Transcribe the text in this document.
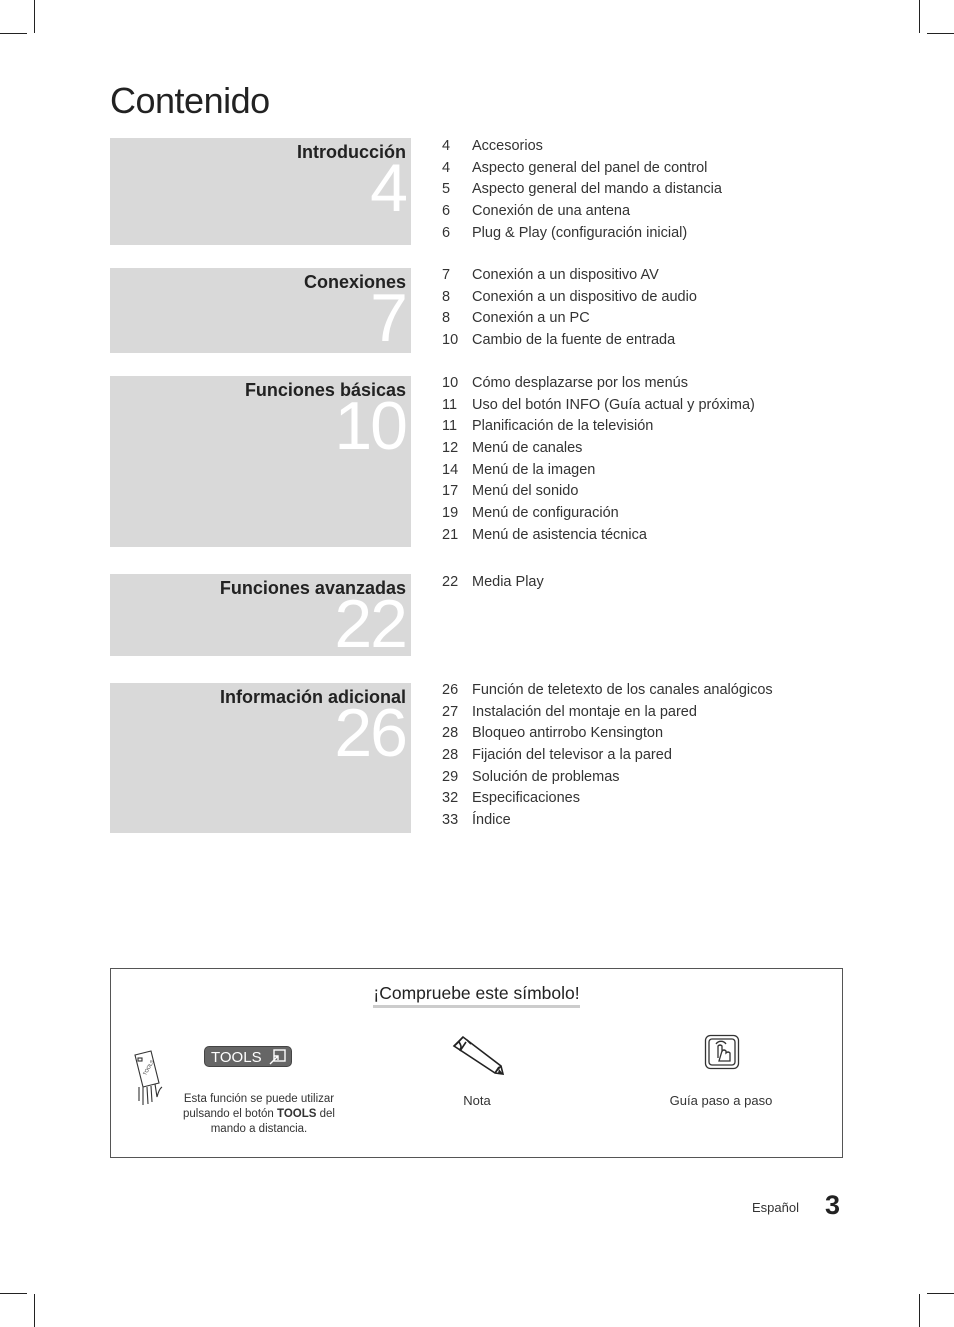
Contenido
Introducción
4
4 Accesorios
4 Aspecto general del panel de control
5 Aspecto general del mando a distancia
6 Conexión de una antena
6 Plug & Play (configuración inicial)
Conexiones
7
7 Conexión a un dispositivo AV
8 Conexión a un dispositivo de audio
8 Conexión a un PC
10 Cambio de la fuente de entrada
Funciones básicas
10
10 Cómo desplazarse por los menús
11 Uso del botón INFO (Guía actual y próxima)
11 Planificación de la televisión
12 Menú de canales
14 Menú de la imagen
17 Menú del sonido
19 Menú de configuración
21 Menú de asistencia técnica
Funciones avanzadas
22
22 Media Play
Información adicional
26
26 Función de teletexto de los canales analógicos
27 Instalación del montaje en la pared
28 Bloqueo antirrobo Kensington
28 Fijación del televisor a la pared
29 Solución de problemas
32 Especificaciones
33 Índice
¡Compruebe este símbolo!
TOOLS
TOOLS
Esta función se puede utilizar
pulsando el botón TOOLS del
mando a distancia.
Nota	Guía paso a paso
Español 3
